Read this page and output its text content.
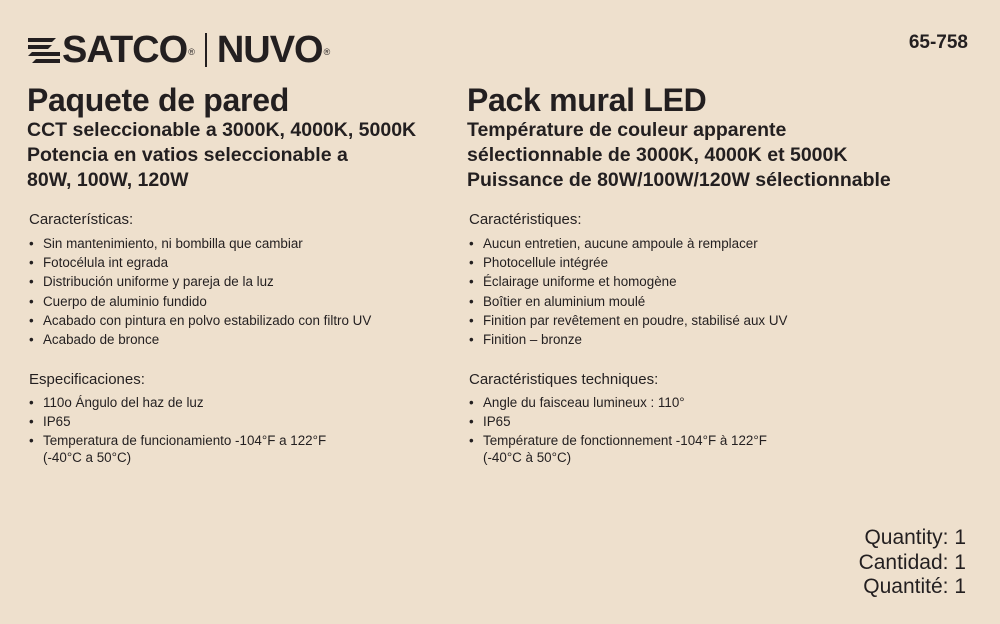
SATCO ® NUVO ®	65-758
Paquete de pared

CCT seleccionable a 3000K, 4000K, 5000K

Potencia en vatios seleccionable a

80W, 100W, 120W

Características:

• Sin mantenimiento, ni bombilla que cambiar
• Fotocélula int egrada
• Distribución uniforme y pareja de la luz
• Cuerpo de aluminio fundido
• Acabado con pintura en polvo estabilizado con filtro UV
• Acabado de bronce

Especificaciones:

• 110o Ángulo del haz de luz
• IP65
• Temperatura de funcionamiento -104°F a 122°F
(-40°C a 50°C)
Pack mural LED

Température de couleur apparente

sélectionnable de 3000K, 4000K et 5000K

Puissance de 80W/100W/120W sélectionnable

Caractéristiques:

• Aucun entretien, aucune ampoule à remplacer
• Photocellule intégrée
• Éclairage uniforme et homogène
• Boîtier en aluminium moulé
• Finition par revêtement en poudre, stabilisé aux UV
• Finition – bronze

Caractéristiques techniques:

• Angle du faisceau lumineux : 110°
• IP65
• Température de fonctionnement -104°F à 122°F
(-40°C à 50°C)
Quantity: 1
Cantidad: 1
Quantité: 1
